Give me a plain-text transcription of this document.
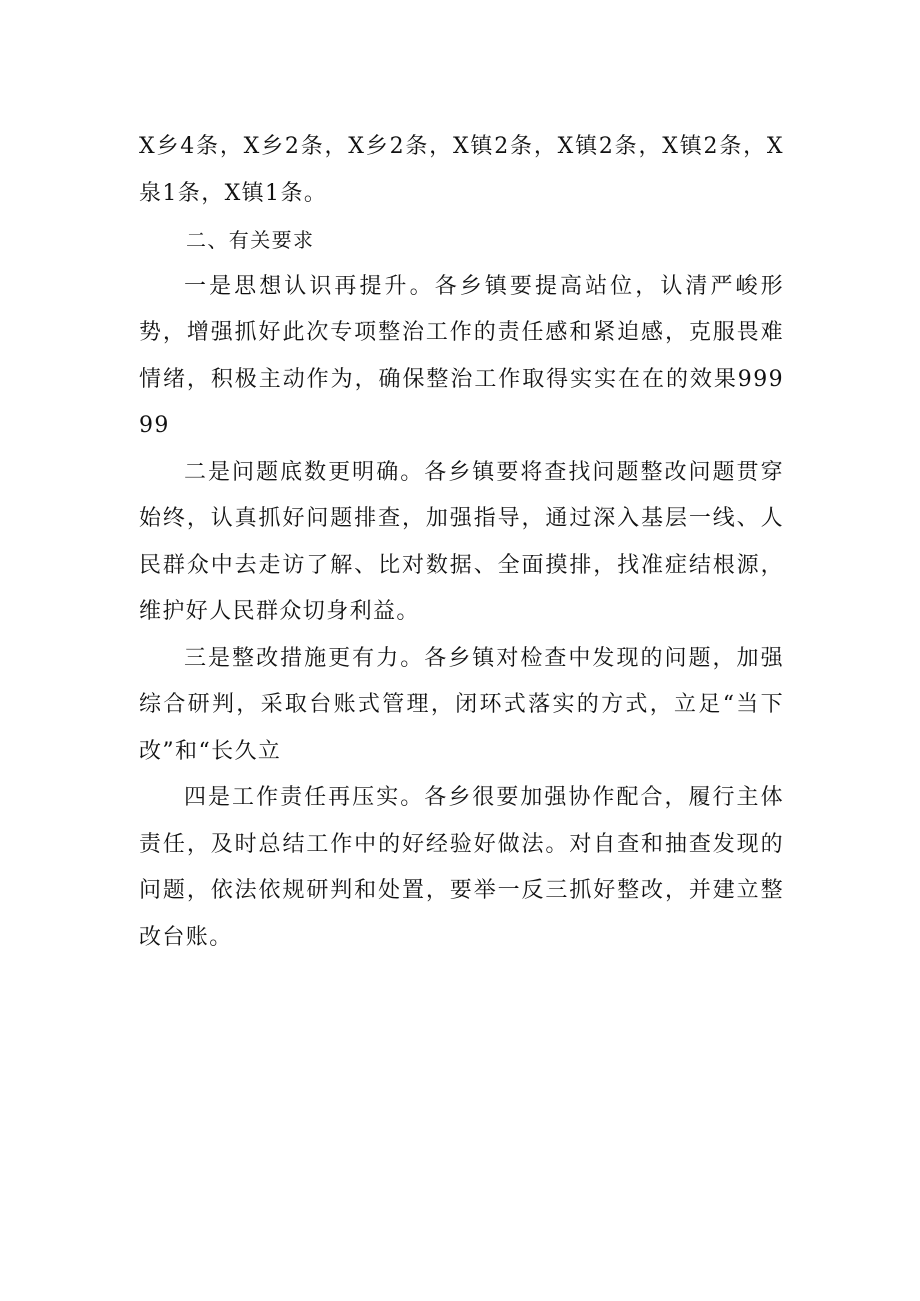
X乡4条，X乡2条，X乡2条，X镇2条，X镇2条，X镇2条，X泉1条，X镇1条。

二、有关要求

一是思想认识再提升。各乡镇要提高站位，认清严峻形势，增强抓好此次专项整治工作的责任感和紧迫感，克服畏难情绪，积极主动作为，确保整治工作取得实实在在的效果99999

二是问题底数更明确。各乡镇要将查找问题整改问题贯穿始终，认真抓好问题排查，加强指导，通过深入基层一线、人民群众中去走访了解、比对数据、全面摸排，找准症结根源，维护好人民群众切身利益。

三是整改措施更有力。各乡镇对检查中发现的问题，加强综合研判，采取台账式管理，闭环式落实的方式，立足“当下改”和“长久立

四是工作责任再压实。各乡很要加强协作配合，履行主体责任，及时总结工作中的好经验好做法。对自查和抽查发现的问题，依法依规研判和处置，要举一反三抓好整改，并建立整改台账。
